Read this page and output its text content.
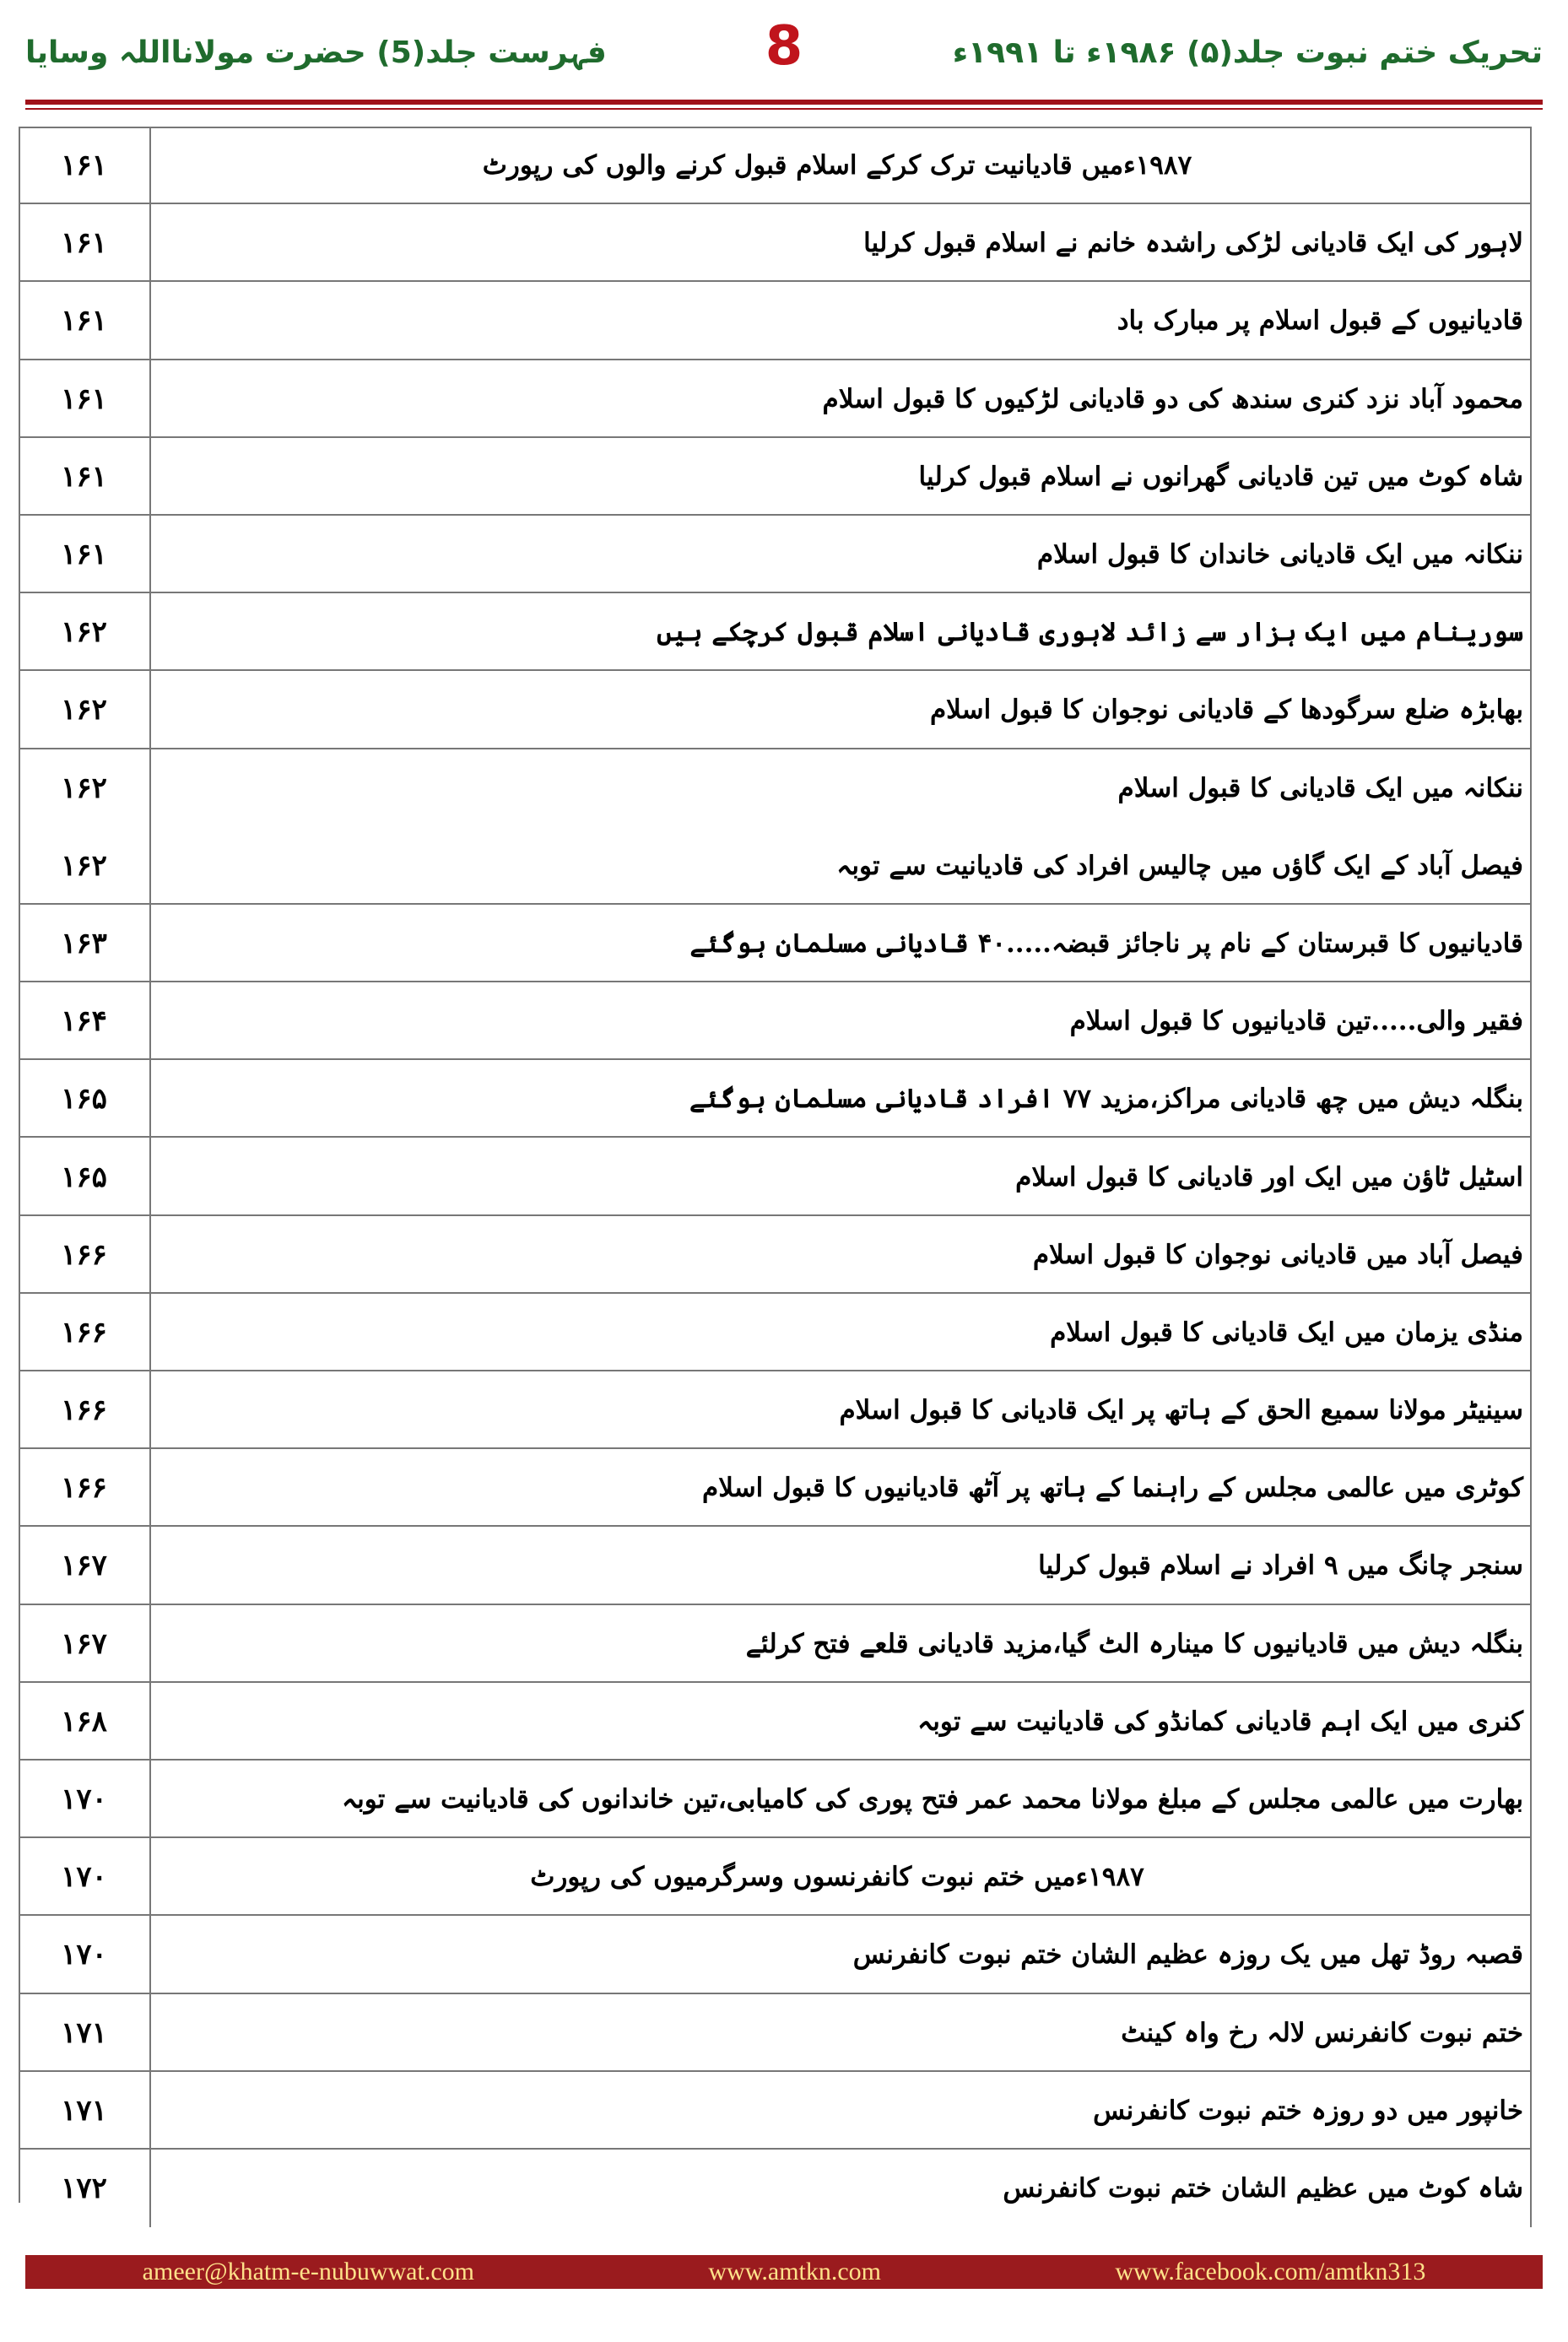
تحریک ختم نبوت جلد(۵) ۱۹۸۶ء تا ۱۹۹۱ء
8
فہرست جلد(5) حضرت مولانااللہ وسایا
۱۹۸۷ءمیں قادیانیت ترک کرکے اسلام قبول کرنے والوں کی رپورٹ
۱۶۱
لاہور کی ایک قادیانی لڑکی راشدہ خانم نے اسلام قبول کرلیا
۱۶۱
قادیانیوں کے قبول اسلام پر مبارک باد
۱۶۱
محمود آباد نزد کنری سندھ کی دو قادیانی لڑکیوں کا قبول اسلام
۱۶۱
شاہ کوٹ میں تین قادیانی گھرانوں نے اسلام قبول کرلیا
۱۶۱
ننکانہ میں ایک قادیانی خاندان کا قبول اسلام
۱۶۱
سورینام میں ایک ہزار سے زائد لاہوری قادیانی اسلام قبول کرچکے ہیں
۱۶۲
بھابڑہ ضلع سرگودھا کے قادیانی نوجوان کا قبول اسلام
۱۶۲
ننکانہ میں ایک قادیانی کا قبول اسلام
۱۶۲
فیصل آباد کے ایک گاؤں میں چالیس افراد کی قادیانیت سے توبہ
۱۶۲
قادیانیوں کا قبرستان کے نام پر ناجائز قبضہ.....۴۰ قادیانی مسلمان ہوگئے
۱۶۳
فقیر والی.....تین قادیانیوں کا قبول اسلام
۱۶۴
بنگلہ دیش میں چھ قادیانی مراکز،مزید ۷۷ افراد قادیانی مسلمان ہوگئے
۱۶۵
اسٹیل ٹاؤن میں ایک اور قادیانی کا قبول اسلام
۱۶۵
فیصل آباد میں قادیانی نوجوان کا قبول اسلام
۱۶۶
منڈی یزمان میں ایک قادیانی کا قبول اسلام
۱۶۶
سینیٹر مولانا سمیع الحق کے ہاتھ پر ایک قادیانی کا قبول اسلام
۱۶۶
کوٹری میں عالمی مجلس کے راہنما کے ہاتھ پر آٹھ قادیانیوں کا قبول اسلام
۱۶۶
سنجر چانگ میں ۹ افراد نے اسلام قبول کرلیا
۱۶۷
بنگلہ دیش میں قادیانیوں کا مینارہ الٹ گیا،مزید قادیانی قلعے فتح کرلئے
۱۶۷
کنری میں ایک اہم قادیانی کمانڈو کی قادیانیت سے توبہ
۱۶۸
بھارت میں عالمی مجلس کے مبلغ مولانا محمد عمر فتح پوری کی کامیابی،تین خاندانوں کی قادیانیت سے توبہ
۱۷۰
۱۹۸۷ءمیں ختم نبوت کانفرنسوں وسرگرمیوں کی رپورٹ
۱۷۰
قصبہ روڈ تھل میں یک روزہ عظیم الشان ختم نبوت کانفرنس
۱۷۰
ختم نبوت کانفرنس لالہ رخ واہ کینٹ
۱۷۱
خانپور میں دو روزہ ختم نبوت کانفرنس
۱۷۱
شاہ کوٹ میں عظیم الشان ختم نبوت کانفرنس
۱۷۲
ameer@khatm-e-nubuwwat.com	www.amtkn.com	www.facebook.com/amtkn313
